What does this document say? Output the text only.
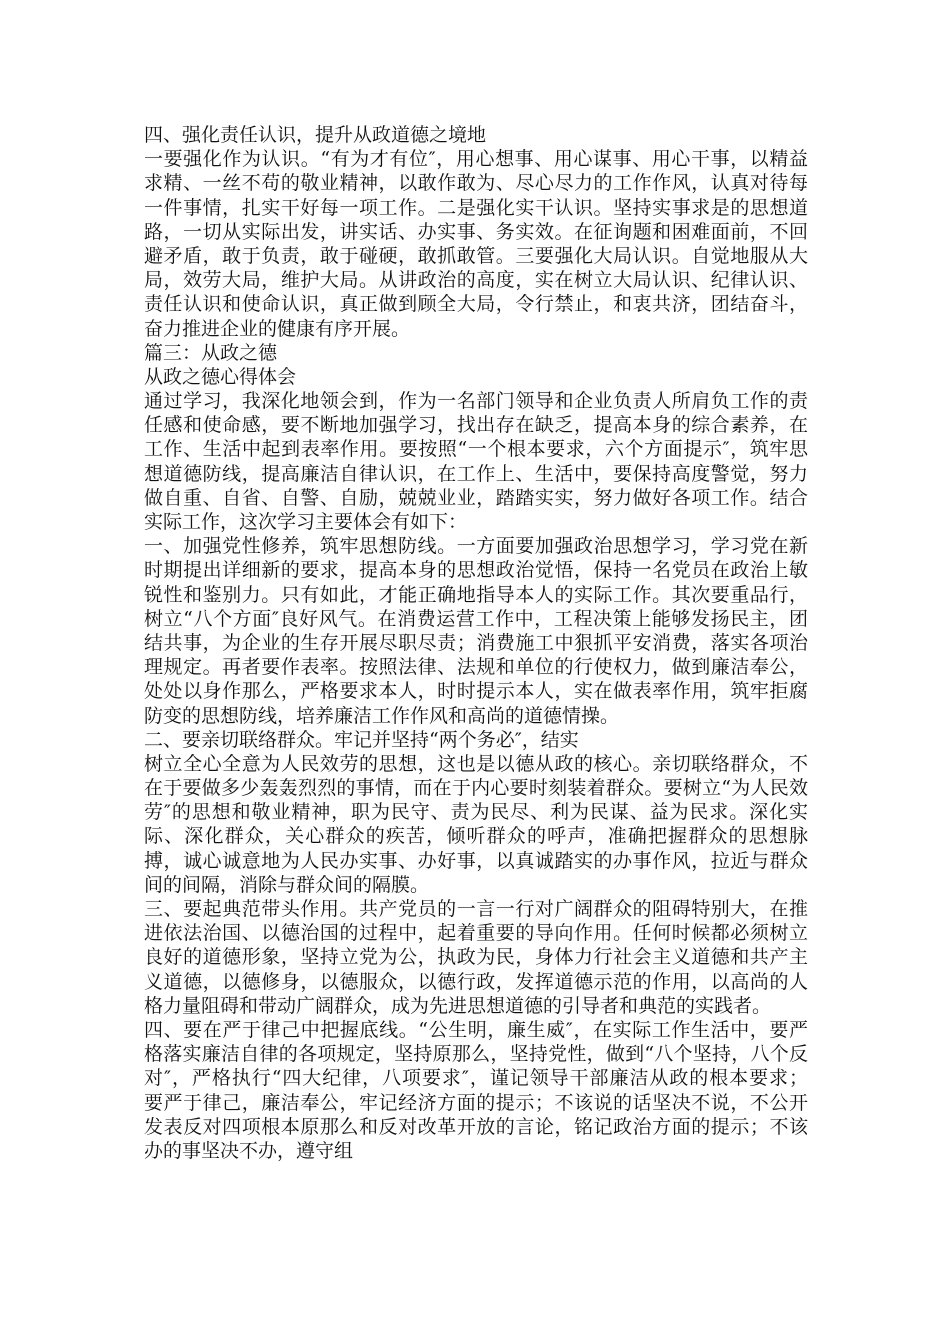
四、强化责任认识，提升从政道德之境地
一要强化作为认识。“有为才有位″，用心想事、用心谋事、用心干事，以精益
求精、一丝不苟的敬业精神，以敢作敢为、尽心尽力的工作作风，认真对待每
一件事情，扎实干好每一项工作。二是强化实干认识。坚持实事求是的思想道
路，一切从实际出发，讲实话、办实事、务实效。在征询题和困难面前，不回
避矛盾，敢于负责，敢于碰硬，敢抓敢管。三要强化大局认识。自觉地服从大
局，效劳大局，维护大局。从讲政治的高度，实在树立大局认识、纪律认识、
责任认识和使命认识，真正做到顾全大局，令行禁止，和衷共济，团结奋斗，
奋力推进企业的健康有序开展。
篇三：从政之德
从政之德心得体会
通过学习，我深化地领会到，作为一名部门领导和企业负责人所肩负工作的责
任感和使命感，要不断地加强学习，找出存在缺乏，提高本身的综合素养，在
工作、生活中起到表率作用。要按照“一个根本要求，六个方面提示″，筑牢思
想道德防线，提高廉洁自律认识，在工作上、生活中，要保持高度警觉，努力
做自重、自省、自警、自励，兢兢业业，踏踏实实，努力做好各项工作。结合
实际工作，这次学习主要体会有如下：
一、加强党性修养，筑牢思想防线。一方面要加强政治思想学习，学习党在新
时期提出详细新的要求，提高本身的思想政治觉悟，保持一名党员在政治上敏
锐性和鉴别力。只有如此，才能正确地指导本人的实际工作。其次要重品行，
树立“八个方面″良好风气。在消费运营工作中，工程决策上能够发扬民主，团
结共事，为企业的生存开展尽职尽责；消费施工中狠抓平安消费，落实各项治
理规定。再者要作表率。按照法律、法规和单位的行使权力，做到廉洁奉公，
处处以身作那么，严格要求本人，时时提示本人，实在做表率作用，筑牢拒腐
防变的思想防线，培养廉洁工作作风和高尚的道德情操。
二、要亲切联络群众。牢记并坚持“两个务必″，结实
树立全心全意为人民效劳的思想，这也是以德从政的核心。亲切联络群众，不
在于要做多少轰轰烈烈的事情，而在于内心要时刻装着群众。要树立“为人民效
劳″的思想和敬业精神，职为民守、责为民尽、利为民谋、益为民求。深化实
际、深化群众，关心群众的疾苦，倾听群众的呼声，准确把握群众的思想脉
搏，诚心诚意地为人民办实事、办好事，以真诚踏实的办事作风，拉近与群众
间的间隔，消除与群众间的隔膜。
三、要起典范带头作用。共产党员的一言一行对广阔群众的阻碍特别大，在推
进依法治国、以德治国的过程中，起着重要的导向作用。任何时候都必须树立
良好的道德形象，坚持立党为公，执政为民，身体力行社会主义道德和共产主
义道德，以德修身，以德服众，以德行政，发挥道德示范的作用，以高尚的人
格力量阻碍和带动广阔群众，成为先进思想道德的引导者和典范的实践者。
四、要在严于律己中把握底线。“公生明，廉生威″，在实际工作生活中，要严
格落实廉洁自律的各项规定，坚持原那么，坚持党性，做到“八个坚持，八个反
对″，严格执行“四大纪律，八项要求″，谨记领导干部廉洁从政的根本要求；
要严于律己，廉洁奉公，牢记经济方面的提示；不该说的话坚决不说，不公开
发表反对四项根本原那么和反对改革开放的言论，铭记政治方面的提示；不该
办的事坚决不办，遵守组
